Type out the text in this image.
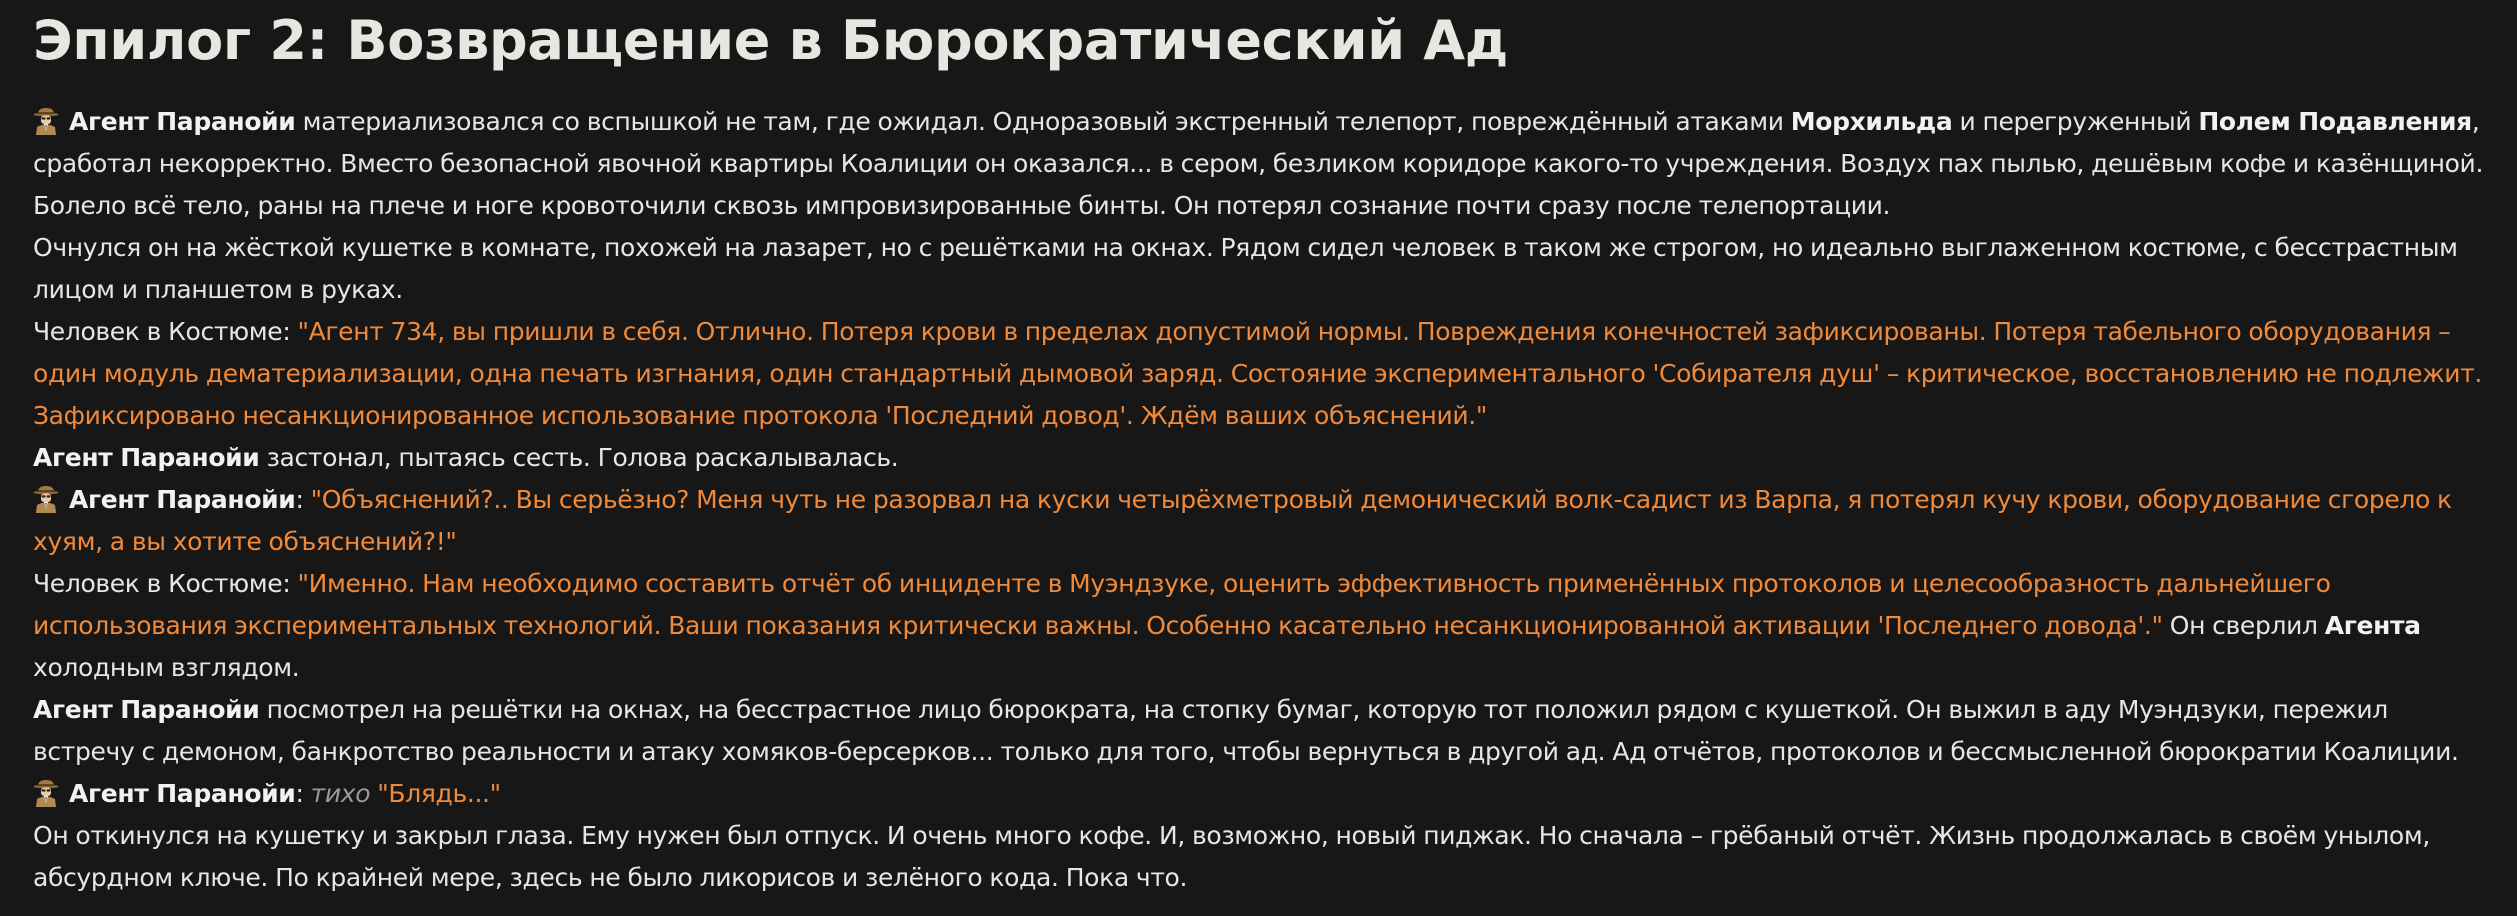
Эпилог 2: Возвращение в Бюрократический Ад

Агент Паранойи материализовался со вспышкой не там, где ожидал. Одноразовый экстренный телепорт, повреждённый атаками Морхильда и перегруженный Полем Подавления, сработал некорректно. Вместо безопасной явочной квартиры Коалиции он оказался... в сером, безликом коридоре какого-то учреждения. Воздух пах пылью, дешёвым кофе и казёнщиной. Болело всё тело, раны на плече и ноге кровоточили сквозь импровизированные бинты. Он потерял сознание почти сразу после телепортации.

Очнулся он на жёсткой кушетке в комнате, похожей на лазарет, но с решётками на окнах. Рядом сидел человек в таком же строгом, но идеально выглаженном костюме, с бесстрастным лицом и планшетом в руках.

Человек в Костюме: "Агент 734, вы пришли в себя. Отлично. Потеря крови в пределах допустимой нормы. Повреждения конечностей зафиксированы. Потеря табельного оборудования – один модуль дематериализации, одна печать изгнания, один стандартный дымовой заряд. Состояние экспериментального 'Собирателя душ' – критическое, восстановлению не подлежит. Зафиксировано несанкционированное использование протокола 'Последний довод'. Ждём ваших объяснений."

Агент Паранойи застонал, пытаясь сесть. Голова раскалывалась.

Агент Паранойи: "Объяснений?.. Вы серьёзно? Меня чуть не разорвал на куски четырёхметровый демонический волк-садист из Варпа, я потерял кучу крови, оборудование сгорело к хуям, а вы хотите объяснений?!"

Человек в Костюме: "Именно. Нам необходимо составить отчёт об инциденте в Муэндзуке, оценить эффективность применённых протоколов и целесообразность дальнейшего использования экспериментальных технологий. Ваши показания критически важны. Особенно касательно несанкционированной активации 'Последнего довода'." Он сверлил Агента холодным взглядом.

Агент Паранойи посмотрел на решётки на окнах, на бесстрастное лицо бюрократа, на стопку бумаг, которую тот положил рядом с кушеткой. Он выжил в аду Муэндзуки, пережил встречу с демоном, банкротство реальности и атаку хомяков-берсерков... только для того, чтобы вернуться в другой ад. Ад отчётов, протоколов и бессмысленной бюрократии Коалиции.

Агент Паранойи: тихо "Блядь..."

Он откинулся на кушетку и закрыл глаза. Ему нужен был отпуск. И очень много кофе. И, возможно, новый пиджак. Но сначала – грёбаный отчёт. Жизнь продолжалась в своём унылом, абсурдном ключе. По крайней мере, здесь не было ликорисов и зелёного кода. Пока что.
